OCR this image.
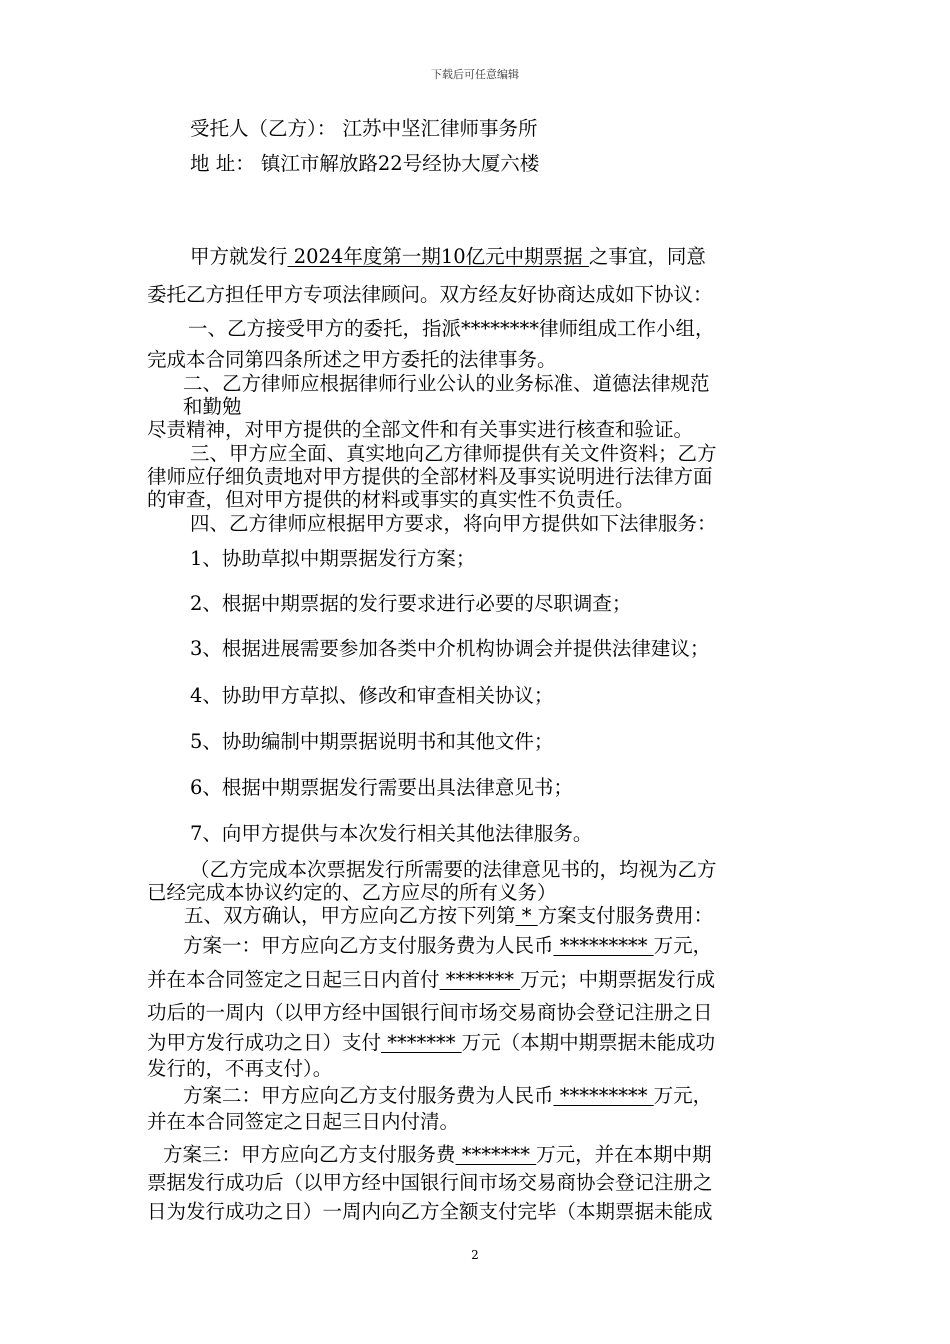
下载后可任意编辑
受托人（乙方）： 江苏中坚汇律师事务所
地 址： 镇江市解放路22号经协大厦六楼
甲方就发行 2024年度第一期10亿元中期票据 之事宜，同意
委托乙方担任甲方专项法律顾问。双方经友好协商达成如下协议：
一、乙方接受甲方的委托，指派********律师组成工作小组，
完成本合同第四条所述之甲方委托的法律事务。
二、乙方律师应根据律师行业公认的业务标准、道德法律规范
和勤勉
尽责精神，对甲方提供的全部文件和有关事实进行核查和验证。
三、甲方应全面、真实地向乙方律师提供有关文件资料；乙方
律师应仔细负责地对甲方提供的全部材料及事实说明进行法律方面
的审查，但对甲方提供的材料或事实的真实性不负责任。
四、乙方律师应根据甲方要求，将向甲方提供如下法律服务：
1、协助草拟中期票据发行方案；
2、根据中期票据的发行要求进行必要的尽职调查；
3、根据进展需要参加各类中介机构协调会并提供法律建议；
4、协助甲方草拟、修改和审查相关协议；
5、协助编制中期票据说明书和其他文件；
6、根据中期票据发行需要出具法律意见书；
7、向甲方提供与本次发行相关其他法律服务。
（乙方完成本次票据发行所需要的法律意见书的，均视为乙方
已经完成本协议约定的、乙方应尽的所有义务）
五、双方确认，甲方应向乙方按下列第 * 方案支付服务费用：
方案一：甲方应向乙方支付服务费为人民币 ********* 万元，
并在本合同签定之日起三日内首付 ******* 万元；中期票据发行成
功后的一周内（以甲方经中国银行间市场交易商协会登记注册之日
为甲方发行成功之日）支付 ******* 万元（本期中期票据未能成功
发行的，不再支付）。
方案二：甲方应向乙方支付服务费为人民币 ********* 万元，
并在本合同签定之日起三日内付清。
方案三：甲方应向乙方支付服务费 ******* 万元，并在本期中期
票据发行成功后（以甲方经中国银行间市场交易商协会登记注册之
日为发行成功之日）一周内向乙方全额支付完毕（本期票据未能成
2
